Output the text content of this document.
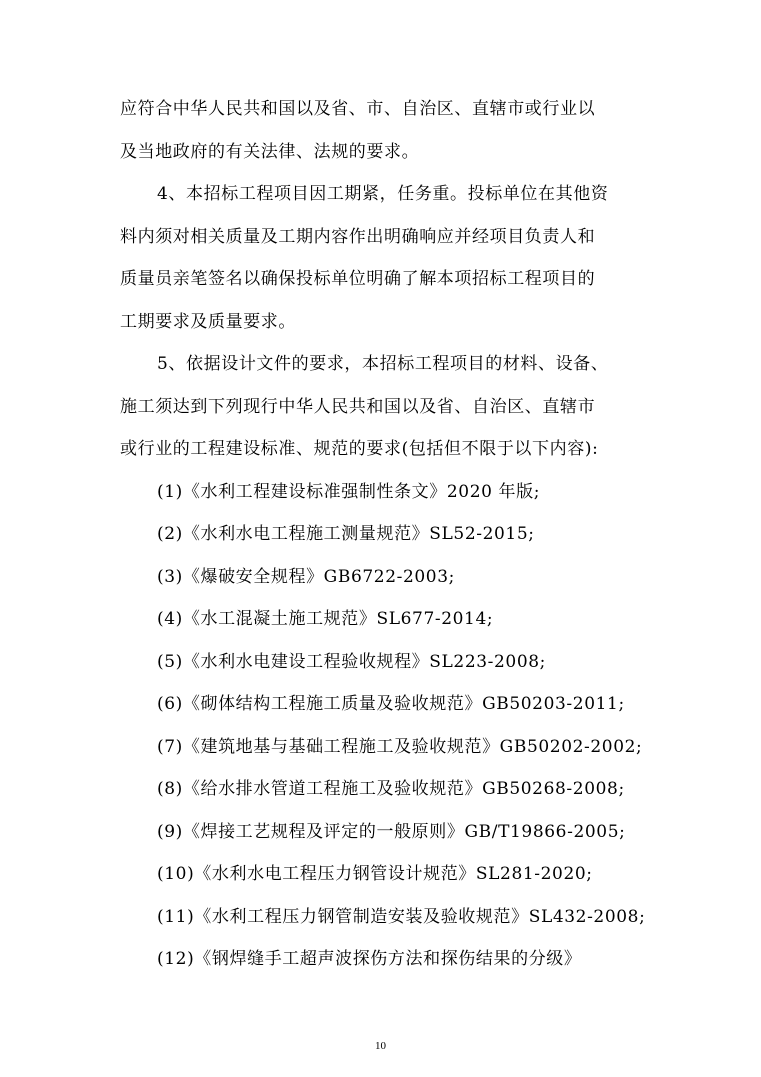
应符合中华人民共和国以及省、市、自治区、直辖市或行业以
及当地政府的有关法律、法规的要求。
4、本招标工程项目因工期紧，任务重。投标单位在其他资
料内须对相关质量及工期内容作出明确响应并经项目负责人和
质量员亲笔签名以确保投标单位明确了解本项招标工程项目的
工期要求及质量要求。
5、依据设计文件的要求，本招标工程项目的材料、设备、
施工须达到下列现行中华人民共和国以及省、自治区、直辖市
或行业的工程建设标准、规范的要求(包括但不限于以下内容):
(1)《水利工程建设标准强制性条文》2020 年版;
(2)《水利水电工程施工测量规范》SL52-2015;
(3)《爆破安全规程》GB6722-2003;
(4)《水工混凝土施工规范》SL677-2014;
(5)《水利水电建设工程验收规程》SL223-2008;
(6)《砌体结构工程施工质量及验收规范》GB50203-2011;
(7)《建筑地基与基础工程施工及验收规范》GB50202-2002;
(8)《给水排水管道工程施工及验收规范》GB50268-2008;
(9)《焊接工艺规程及评定的一般原则》GB/T19866-2005;
(10)《水利水电工程压力钢管设计规范》SL281-2020;
(11)《水利工程压力钢管制造安装及验收规范》SL432-2008;
(12)《钢焊缝手工超声波探伤方法和探伤结果的分级》
10
